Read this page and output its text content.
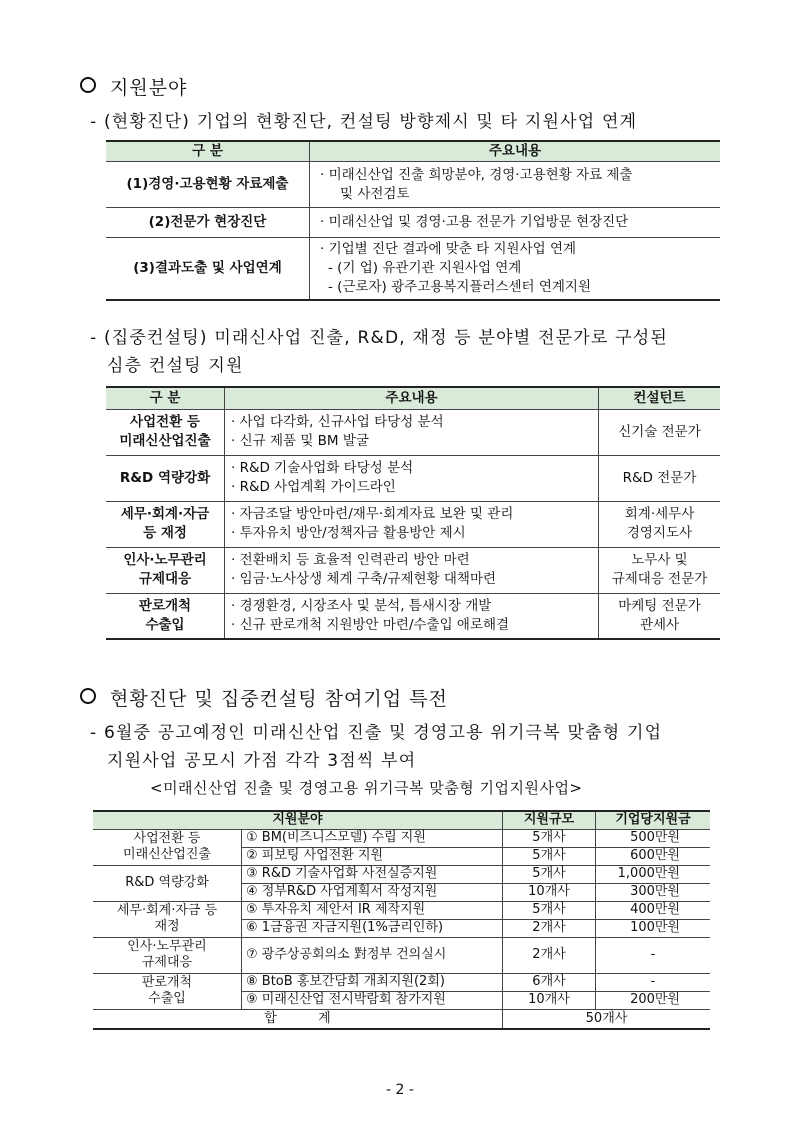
지원분야
- (현황진단) 기업의 현황진단, 컨설팅 방향제시 및 타 지원사업 연계
구 분	주요내용
(1)경영·고용현황 자료제출	· 미래신산업 진출 희망분야, 경영·고용현황 자료 제출
및 사전검토

(2)전문가 현장진단	· 미래신산업 및 경영·고용 전문가 기업방문 현장진단

(3)결과도출 및 사업연계	· 기업별 진단 결과에 맞춘 타 지원사업 연계
- (기 업) 유관기관 지원사업 연계
- (근로자) 광주고용복지플러스센터 연계지원
- (집중컨설팅) 미래신사업 진출, R&D, 재정 등 분야별 전문가로 구성된
심층 컨설팅 지원
구 분	주요내용	컨설턴트

사업전환 등
미래신산업진출	· 사업 다각화, 신규사업 타당성 분석
· 신규 제품 및 BM 발굴	신기술 전문가

R&D 역량강화	· R&D 기술사업화 타당성 분석
· R&D 사업계획 가이드라인	R&D 전문가

세무·회계·자금
등 재정	· 자금조달 방안마련/재무·회계자료 보완 및 관리
· 투자유치 방안/정책자금 활용방안 제시	회계·세무사
경영지도사

인사·노무관리
규제대응	· 전환배치 등 효율적 인력관리 방안 마련
· 임금·노사상생 체계 구축/규제현황 대책마련	노무사 및
규제대응 전문가

판로개척
수출입	· 경쟁환경, 시장조사 및 분석, 틈새시장 개발
· 신규 판로개척 지원방안 마련/수출입 애로해결	마케팅 전문가
관세사
현황진단 및 집중컨설팅 참여기업 특전
- 6월중 공고예정인 미래신산업 진출 및 경영고용 위기극복 맞춤형 기업
지원사업 공모시 가점 각각 3점씩 부여
<미래신산업 진출 및 경영고용 위기극복 맞춤형 기업지원사업>
지원분야		지원규모	기업당지원금

사업전환 등
미래신산업진출	① BM(비즈니스모델) 수립 지원	5개사	500만원
	② 피보팅 사업전환 지원	5개사	600만원

R&D 역량강화	③ R&D 기술사업화 사전실증지원	5개사	1,000만원
	④ 정부R&D 사업계획서 작성지원	10개사	300만원

세무·회계·자금 등
재정	⑤ 투자유치 제안서 IR 제작지원	5개사	400만원
	⑥ 1금융권 자금지원(1%금리인하)	2개사	100만원

인사·노무관리
규제대응	⑦ 광주상공회의소 對정부 건의실시	2개사	-

판로개척
수출입	⑧ BtoB 홍보간담회 개최지원(2회)	6개사	-
	⑨ 미래신산업 전시박람회 참가지원	10개사	200만원
합          계		50개사	
- 2 -
